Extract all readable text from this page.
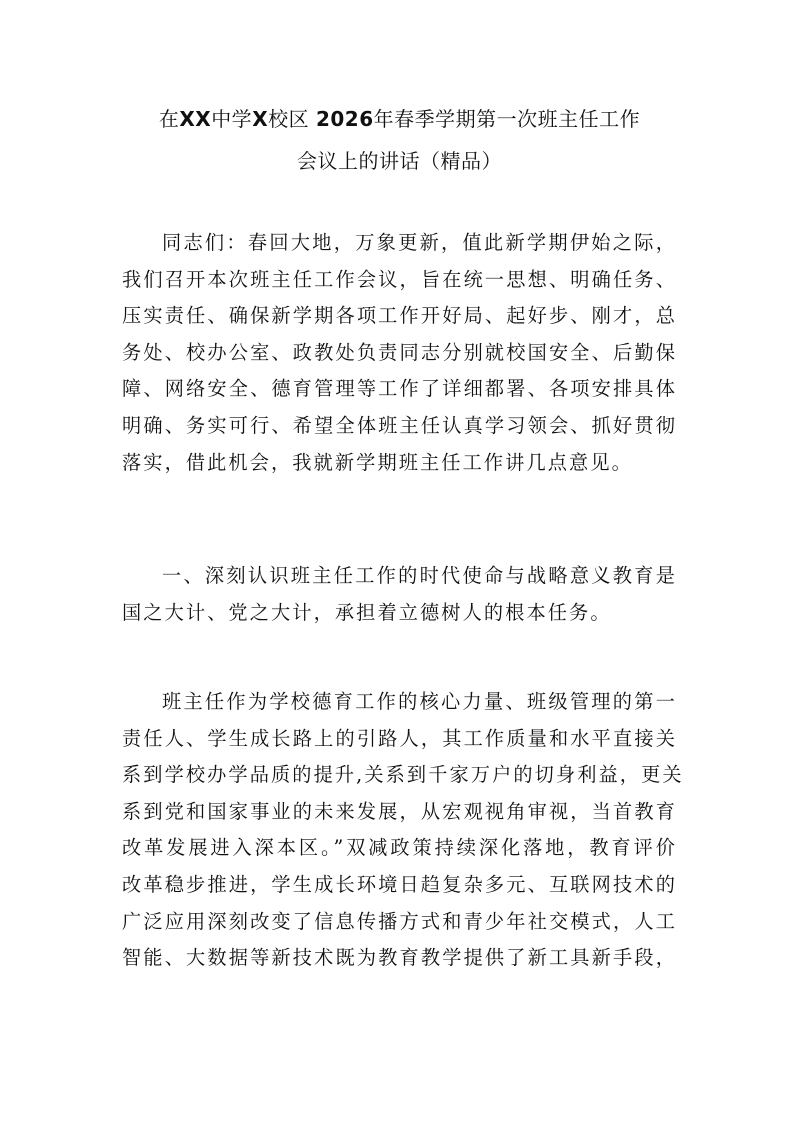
在XX中学X校区 2026年春季学期第一次班主任工作
会议上的讲话（精品）
同志们：春回大地，万象更新，值此新学期伊始之际，
我们召开本次班主任工作会议，旨在统一思想、明确任务、
压实责任、确保新学期各项工作开好局、起好步、刚才，总
务处、校办公室、政教处负责同志分别就校国安全、后勤保
障、网络安全、德育管理等工作了详细都署、各项安排具体
明确、务实可行、希望全体班主任认真学习领会、抓好贯彻
落实，借此机会，我就新学期班主任工作讲几点意见。
一、深刻认识班主任工作的时代使命与战略意义教育是
国之大计、党之大计，承担着立德树人的根本任务。
班主任作为学校德育工作的核心力量、班级管理的第一
责任人、学生成长路上的引路人，其工作质量和水平直接关
系到学校办学品质的提升,关系到千家万户的切身利益，更关
系到党和国家事业的未来发展，从宏观视角审视，当首教育
改革发展进入深本区。”双减政策持续深化落地，教育评价
改革稳步推进，学生成长环境日趋复杂多元、互联网技术的
广泛应用深刻改变了信息传播方式和青少年社交模式，人工
智能、大数据等新技术既为教育教学提供了新工具新手段，
